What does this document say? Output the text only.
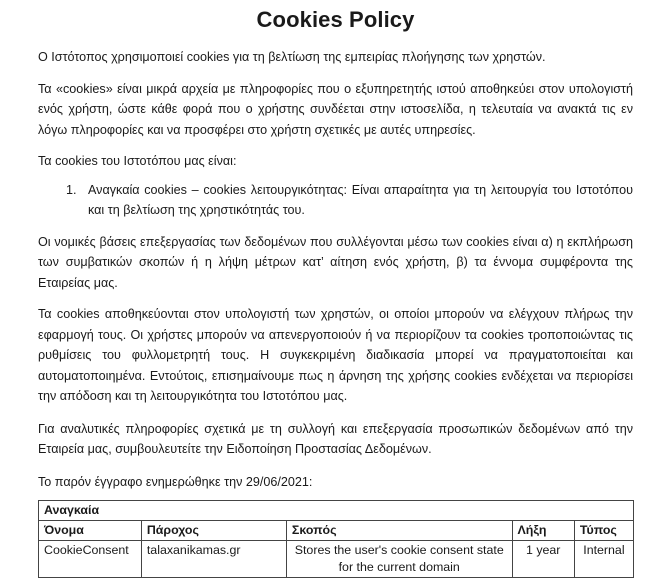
Cookies Policy

Ο Ιστότοπος χρησιμοποιεί cookies για τη βελτίωση της εμπειρίας πλοήγησης των χρηστών.

Τα «cookies» είναι μικρά αρχεία με πληροφορίες που ο εξυπηρετητής ιστού αποθηκεύει στον υπολογιστή ενός χρήστη, ώστε κάθε φορά που ο χρήστης συνδέεται στην ιστοσελίδα, η τελευταία να ανακτά τις εν λόγω πληροφορίες και να προσφέρει στο χρήστη σχετικές με αυτές υπηρεσίες.

Τα cookies του Ιστοτόπου μας είναι:

1. Αναγκαία cookies – cookies λειτουργικότητας: Είναι απαραίτητα για τη λειτουργία του Ιστοτόπου και τη βελτίωση της χρηστικότητάς του.

Οι νομικές βάσεις επεξεργασίας των δεδομένων που συλλέγονται μέσω των cookies είναι α) η εκπλήρωση των συμβατικών σκοπών ή η λήψη μέτρων κατ’ αίτηση ενός χρήστη, β) τα έννομα συμφέροντα της Εταιρείας μας.

Τα cookies αποθηκεύονται στον υπολογιστή των χρηστών, οι οποίοι μπορούν να ελέγχουν πλήρως την εφαρμογή τους. Οι χρήστες μπορούν να απενεργοποιούν ή να περιορίζουν τα cookies τροποποιώντας τις ρυθμίσεις του φυλλομετρητή τους. Η συγκεκριμένη διαδικασία μπορεί να πραγματοποιείται και αυτοματοποιημένα. Εντούτοις, επισημαίνουμε πως η άρνηση της χρήσης cookies ενδέχεται να περιορίσει την απόδοση και τη λειτουργικότητα του Ιστοτόπου μας.

Για αναλυτικές πληροφορίες σχετικά με τη συλλογή και επεξεργασία προσωπικών δεδομένων από την Εταιρεία μας, συμβουλευτείτε την Ειδοποίηση Προστασίας Δεδομένων.

Το παρόν έγγραφο ενημερώθηκε την 29/06/2021:

Αναγκαία				
Όνομα	Πάροχος	Σκοπός	Λήξη	Τύπος
CookieConsent	talaxanikamas.gr	Stores the user's cookie consent state for the current domain	1 year	Internal
